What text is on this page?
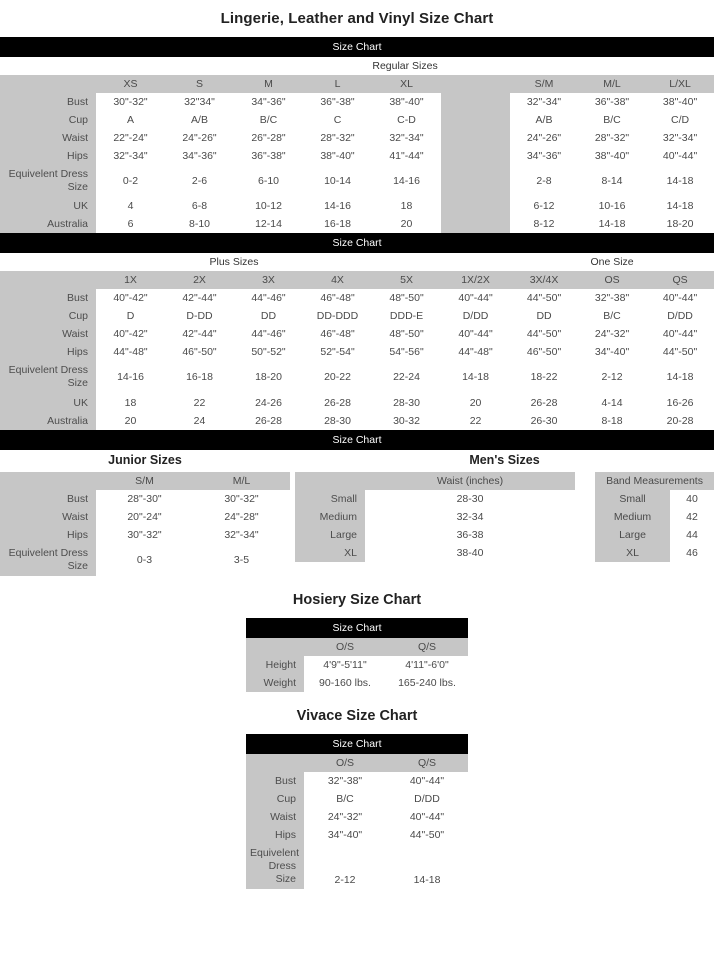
Lingerie, Leather and Vinyl Size Chart
Size Chart
	Regular Sizes								
	XS	S	M	L	XL		S/M	M/L	L/XL
Bust	30"-32"	32"34"	34"-36"	36"-38"	38"-40"		32"-34"	36"-38"	38"-40"
Cup	A	A/B	B/C	C	C-D		A/B	B/C	C/D
Waist	22"-24"	24"-26"	26"-28"	28"-32"	32"-34"		24"-26"	28"-32"	32"-34"
Hips	32"-34"	34"-36"	36"-38"	38"-40"	41"-44"		34"-36"	38"-40"	40"-44"
Equivelent Dress Size	0-2	2-6	6-10	10-14	14-16		2-8	8-14	14-18
UK	4	6-8	10-12	14-16	18		6-12	10-16	14-18
Australia	6	8-10	12-14	16-18	20		8-12	14-18	18-20
Size Chart
	Plus Sizes						One Size		
	1X	2X	3X	4X	5X	1X/2X	3X/4X	OS	QS
Bust	40"-42"	42"-44"	44"-46"	46"-48"	48"-50"	40"-44"	44"-50"	32"-38"	40"-44"
Cup	D	D-DD	DD	DD-DDD	DDD-E	D/DD	DD	B/C	D/DD
Waist	40"-42"	42"-44"	44"-46"	46"-48"	48"-50"	40"-44"	44"-50"	24"-32"	40"-44"
Hips	44"-48"	46"-50"	50"-52"	52"-54"	54"-56"	44"-48"	46"-50"	34"-40"	44"-50"
Equivelent Dress Size	14-16	16-18	18-20	20-22	22-24	14-18	18-22	2-12	14-18
UK	18	22	24-26	26-28	28-30	20	26-28	4-14	16-26
Australia	20	24	26-28	28-30	30-32	22	26-30	8-18	20-28
Size Chart
Junior Sizes
	S/M	M/L
Bust	28"-30"	30"-32"
Waist	20"-24"	24"-28"
Hips	30"-32"	32"-34"
Equivelent Dress Size	0-3	3-5
Men's Sizes
	Waist (inches)		Band Measurements	
Small	28-30		Small	40
Medium	32-34		Medium	42
Large	36-38		Large	44
XL	38-40		XL	46
Hosiery Size Chart
Size Chart
	O/S	Q/S
Height	4'9"-5'11"	4'11"-6'0"
Weight	90-160 lbs.	165-240 lbs.
Vivace Size Chart
Size Chart
	O/S	Q/S
Bust	32"-38"	40"-44"
Cup	B/C	D/DD
Waist	24"-32"	40"-44"
Hips	34"-40"	44"-50"
Equivelent Dress Size	2-12	14-18
